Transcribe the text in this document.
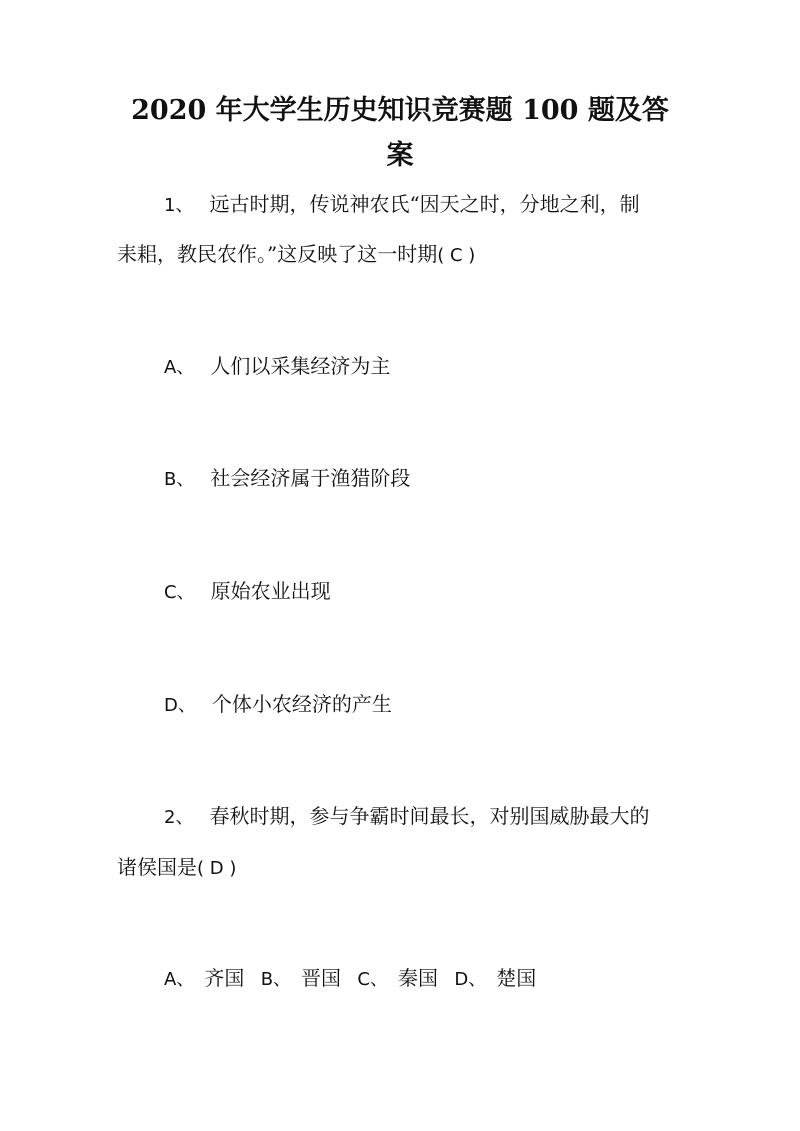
2020 年大学生历史知识竞赛题 100 题及答
案
1、 远古时期，传说神农氏“因天之时，分地之利，制
耒耜，教民农作。”这反映了这一时期( C )
A、 人们以采集经济为主
B、 社会经济属于渔猎阶段
C、 原始农业出现
D、 个体小农经济的产生
2、 春秋时期，参与争霸时间最长，对别国威胁最大的
诸侯国是( D )
A、 齐国 B、 晋国 C、 秦国 D、 楚国
